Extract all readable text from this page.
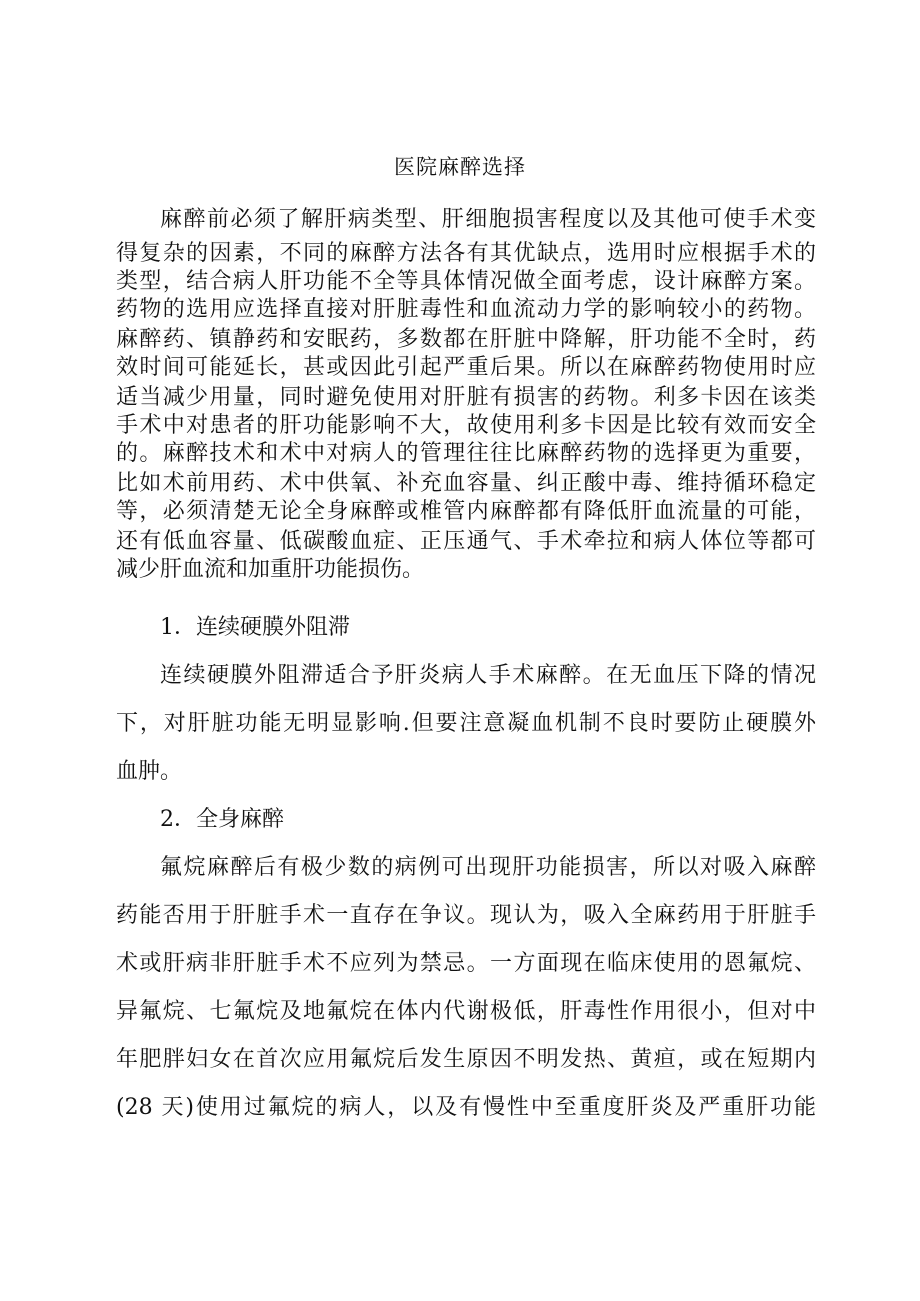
医院麻醉选择
麻醉前必须了解肝病类型、肝细胞损害程度以及其他可使手术变
得复杂的因素，不同的麻醉方法各有其优缺点，选用时应根据手术的
类型，结合病人肝功能不全等具体情况做全面考虑，设计麻醉方案。
药物的选用应选择直接对肝脏毒性和血流动力学的影响较小的药物。
麻醉药、镇静药和安眠药，多数都在肝脏中降解，肝功能不全时，药
效时间可能延长，甚或因此引起严重后果。所以在麻醉药物使用时应
适当减少用量，同时避免使用对肝脏有损害的药物。利多卡因在该类
手术中对患者的肝功能影响不大，故使用利多卡因是比较有效而安全
的。麻醉技术和术中对病人的管理往往比麻醉药物的选择更为重要，
比如术前用药、术中供氧、补充血容量、纠正酸中毒、维持循环稳定
等，必须清楚无论全身麻醉或椎管内麻醉都有降低肝血流量的可能，
还有低血容量、低碳酸血症、正压通气、手术牵拉和病人体位等都可
减少肝血流和加重肝功能损伤。
1．连续硬膜外阻滞
连续硬膜外阻滞适合予肝炎病人手术麻醉。在无血压下降的情况
下，对肝脏功能无明显影响.但要注意凝血机制不良时要防止硬膜外
血肿。
2．全身麻醉
氟烷麻醉后有极少数的病例可出现肝功能损害，所以对吸入麻醉
药能否用于肝脏手术一直存在争议。现认为，吸入全麻药用于肝脏手
术或肝病非肝脏手术不应列为禁忌。一方面现在临床使用的恩氟烷、
异氟烷、七氟烷及地氟烷在体内代谢极低，肝毒性作用很小，但对中
年肥胖妇女在首次应用氟烷后发生原因不明发热、黄疸，或在短期内
(28 天)使用过氟烷的病人，以及有慢性中至重度肝炎及严重肝功能
